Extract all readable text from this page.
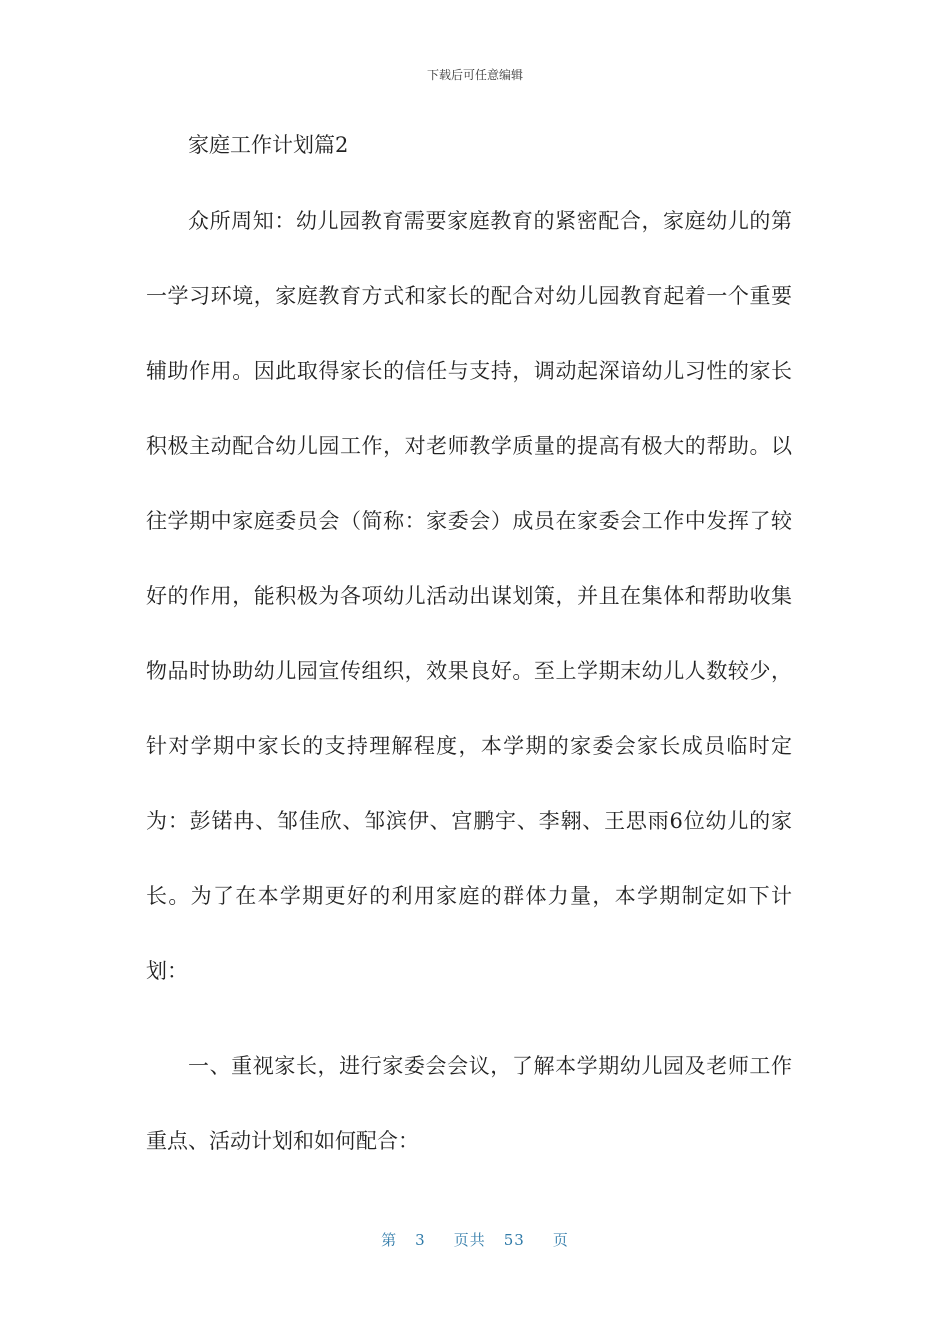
下载后可任意编辑

家庭工作计划篇2

众所周知：幼儿园教育需要家庭教育的紧密配合，家庭幼儿的第一学习环境，家庭教育方式和家长的配合对幼儿园教育起着一个重要辅助作用。因此取得家长的信任与支持，调动起深谙幼儿习性的家长积极主动配合幼儿园工作，对老师教学质量的提高有极大的帮助。以往学期中家庭委员会（简称：家委会）成员在家委会工作中发挥了较好的作用，能积极为各项幼儿活动出谋划策，并且在集体和帮助收集物品时协助幼儿园宣传组织，效果良好。至上学期末幼儿人数较少，针对学期中家长的支持理解程度，本学期的家委会家长成员临时定为：彭锘冉、邹佳欣、邹滨伊、宫鹏宇、李翱、王思雨6位幼儿的家长。为了在本学期更好的利用家庭的群体力量，本学期制定如下计划：

一、重视家长，进行家委会会议，了解本学期幼儿园及老师工作重点、活动计划和如何配合：

第 3 页共 53 页
